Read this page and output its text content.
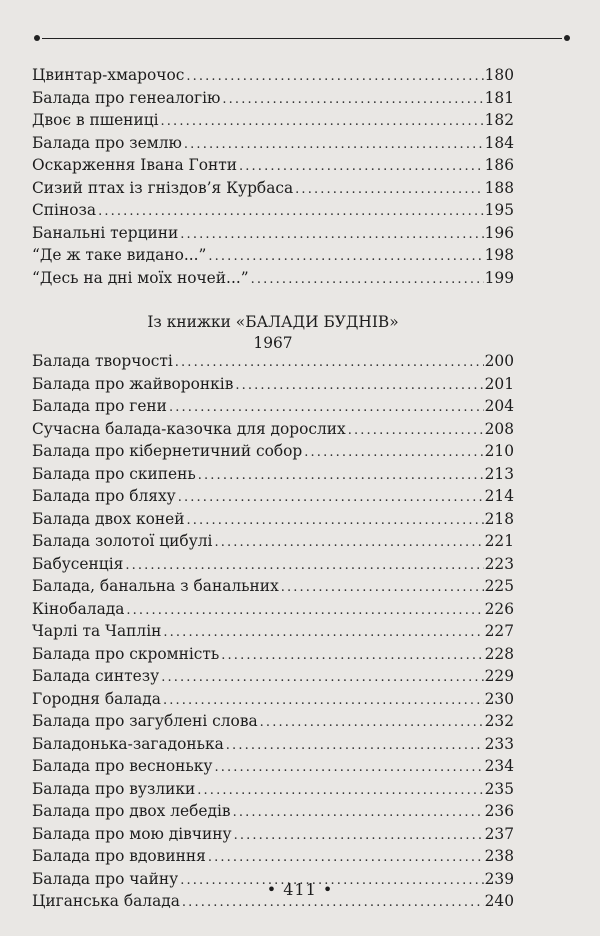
Цвинтар-хмарочос . . .	180
Балада про генеалогію . . .	181
Двоє в пшениці . . .	182
Балада про землю . . .	184
Оскарження Івана Гонти . . .	186
Сизий птах із гніздов’я Курбаса . . .	188
Спіноза . . .	195
Банальні терцини . . .	196
“Де ж таке видано...” . . .	198
“Десь на дні моїх ночей...” . . .	199
Із книжки «БАЛАДИ БУДНІВ»
1967
Балада творчості . . .	200
Балада про жайворонків . . .	201
Балада про гени . . .	204
Сучасна балада-казочка для дорослих . . .	208
Балада про кібернетичний собор . . .	210
Балада про скипень . . .	213
Балада про бляху . . .	214
Балада двох коней . . .	218
Балада золотої цибулі . . .	221
Бабусенція . . .	223
Балада, банальна з банальних . . .	225
Кінобалада . . .	226
Чарлі та Чаплін . . .	227
Балада про скромність . . .	228
Балада синтезу . . .	229
Городня балада . . .	230
Балада про загублені слова . . .	232
Баладонька-загадонька . . .	233
Балада про весноньку . . .	234
Балада про вузлики . . .	235
Балада про двох лебедів . . .	236
Балада про мою дівчину . . .	237
Балада про вдовиння . . .	238
Балада про чайну . . .	239
Циганська балада . . .	240
• 411 •
